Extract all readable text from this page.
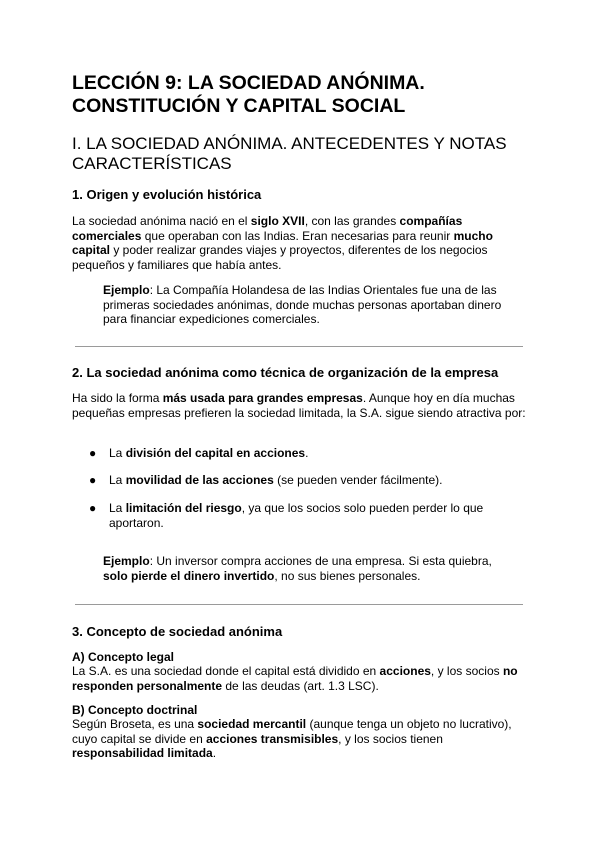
LECCIÓN 9: LA SOCIEDAD ANÓNIMA. CONSTITUCIÓN Y CAPITAL SOCIAL
I. LA SOCIEDAD ANÓNIMA. ANTECEDENTES Y NOTAS CARACTERÍSTICAS
1. Origen y evolución histórica

La sociedad anónima nació en el siglo XVII, con las grandes compañías comerciales que operaban con las Indias. Eran necesarias para reunir mucho capital y poder realizar grandes viajes y proyectos, diferentes de los negocios pequeños y familiares que había antes.

Ejemplo: La Compañía Holandesa de las Indias Orientales fue una de las primeras sociedades anónimas, donde muchas personas aportaban dinero para financiar expediciones comerciales.

2. La sociedad anónima como técnica de organización de la empresa

Ha sido la forma más usada para grandes empresas. Aunque hoy en día muchas pequeñas empresas prefieren la sociedad limitada, la S.A. sigue siendo atractiva por:

● La división del capital en acciones.

● La movilidad de las acciones (se pueden vender fácilmente).

● La limitación del riesgo, ya que los socios solo pueden perder lo que aportaron.

Ejemplo: Un inversor compra acciones de una empresa. Si esta quiebra, solo pierde el dinero invertido, no sus bienes personales.

3. Concepto de sociedad anónima
A) Concepto legal

La S.A. es una sociedad donde el capital está dividido en acciones, y los socios no responden personalmente de las deudas (art. 1.3 LSC).

B) Concepto doctrinal

Según Broseta, es una sociedad mercantil (aunque tenga un objeto no lucrativo), cuyo capital se divide en acciones transmisibles, y los socios tienen responsabilidad limitada.
